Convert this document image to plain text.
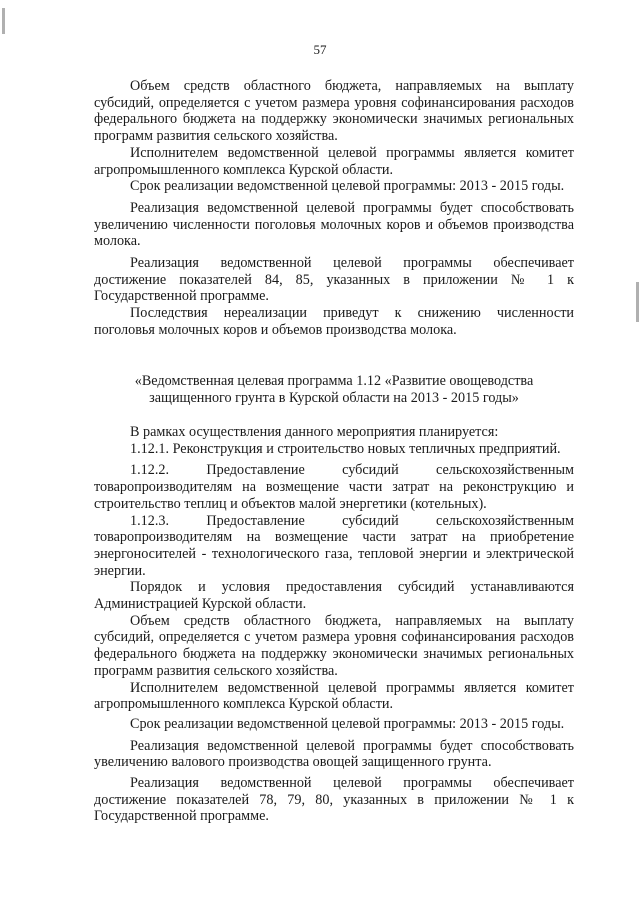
57
Объем средств областного бюджета, направляемых на выплату субсидий, определяется с учетом размера уровня софинансирования расходов федерального бюджета на поддержку экономически значимых региональных программ развития сельского хозяйства.
Исполнителем ведомственной целевой программы является комитет агропромышленного комплекса Курской области.
Срок реализации ведомственной целевой программы: 2013 - 2015 годы.
Реализация ведомственной целевой программы будет способствовать увеличению численности поголовья молочных коров и объемов производства молока.
Реализация ведомственной целевой программы обеспечивает достижение показателей 84, 85, указанных в приложении № 1 к Государственной программе.
Последствия нереализации приведут к снижению численности поголовья молочных коров и объемов производства молока.
«Ведомственная целевая программа 1.12 «Развитие овощеводства защищенного грунта в Курской области на 2013 - 2015 годы»
В рамках осуществления данного мероприятия планируется:
1.12.1. Реконструкция и строительство новых тепличных предприятий.
1.12.2. Предоставление субсидий сельскохозяйственным товаропроизводителям на возмещение части затрат на реконструкцию и строительство теплиц и объектов малой энергетики (котельных).
1.12.3. Предоставление субсидий сельскохозяйственным товаропроизводителям на возмещение части затрат на приобретение энергоносителей - технологического газа, тепловой энергии и электрической энергии.
Порядок и условия предоставления субсидий устанавливаются Администрацией Курской области.
Объем средств областного бюджета, направляемых на выплату субсидий, определяется с учетом размера уровня софинансирования расходов федерального бюджета на поддержку экономически значимых региональных программ развития сельского хозяйства.
Исполнителем ведомственной целевой программы является комитет агропромышленного комплекса Курской области.
Срок реализации ведомственной целевой программы: 2013 - 2015 годы.
Реализация ведомственной целевой программы будет способствовать увеличению валового производства овощей защищенного грунта.
Реализация ведомственной целевой программы обеспечивает достижение показателей 78, 79, 80, указанных в приложении № 1 к Государственной программе.
